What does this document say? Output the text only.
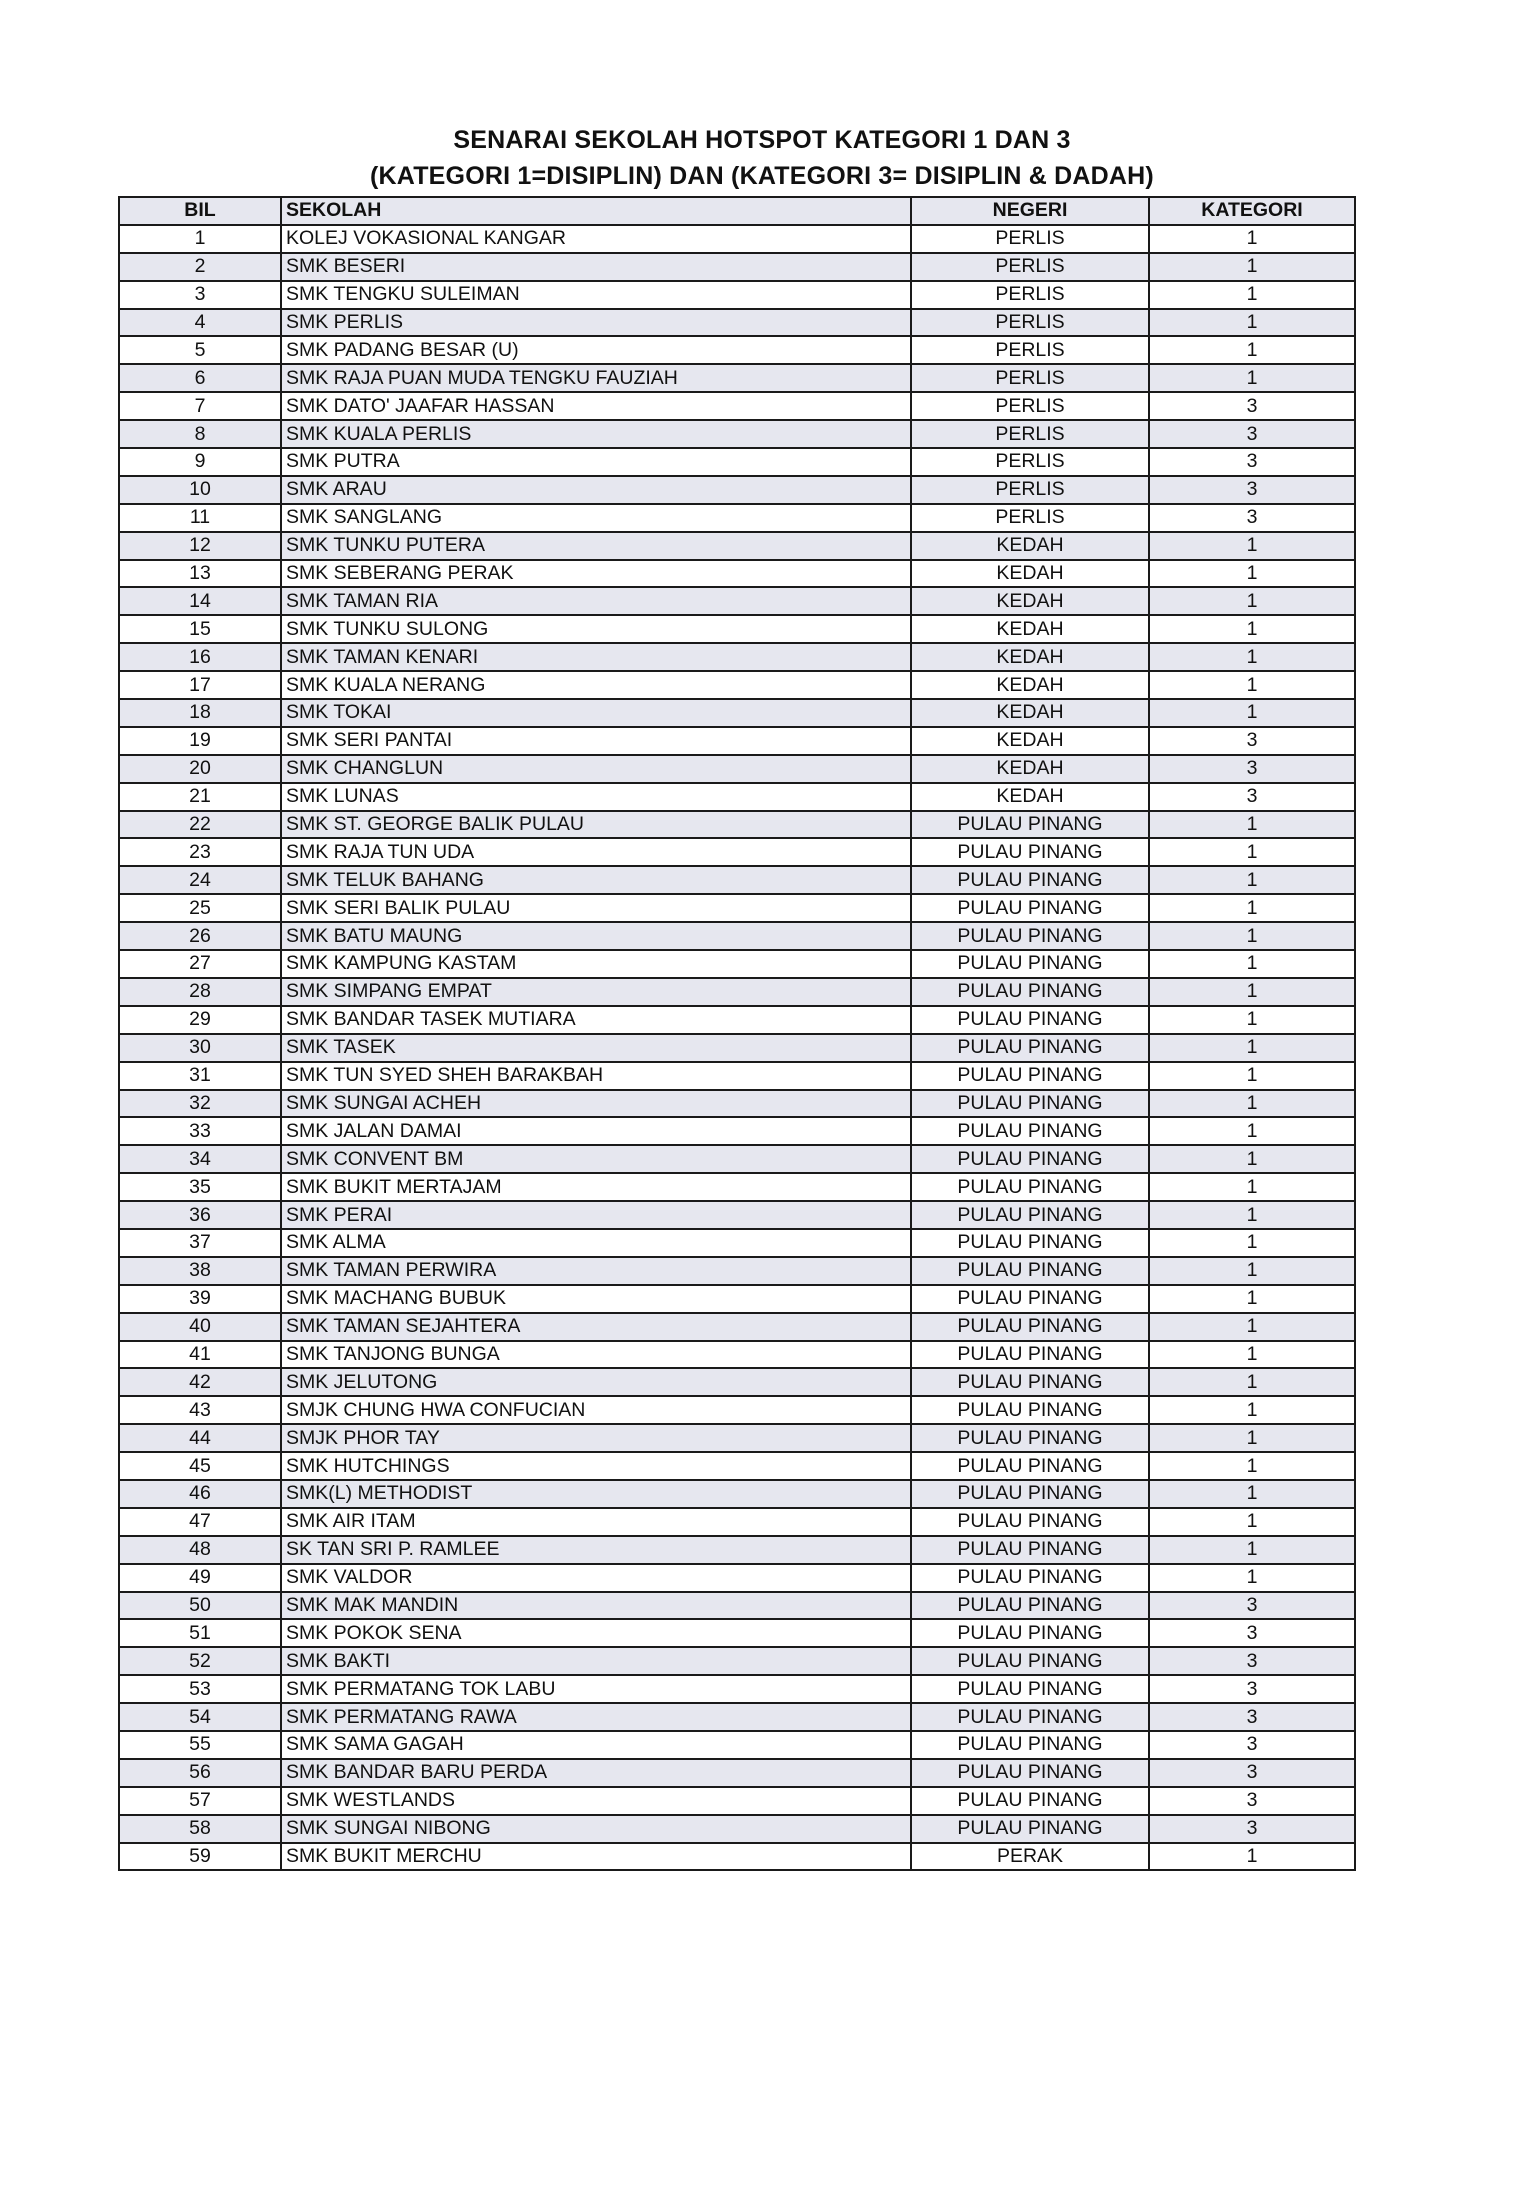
SENARAI SEKOLAH HOTSPOT KATEGORI 1 DAN 3
(KATEGORI 1=DISIPLIN) DAN (KATEGORI 3= DISIPLIN & DADAH)
BIL	SEKOLAH	NEGERI	KATEGORI
1	KOLEJ VOKASIONAL KANGAR	PERLIS	1
2	SMK BESERI	PERLIS	1
3	SMK TENGKU SULEIMAN	PERLIS	1
4	SMK PERLIS	PERLIS	1
5	SMK PADANG BESAR (U)	PERLIS	1
6	SMK RAJA PUAN MUDA TENGKU FAUZIAH	PERLIS	1
7	SMK DATO' JAAFAR HASSAN	PERLIS	3
8	SMK KUALA PERLIS	PERLIS	3
9	SMK PUTRA	PERLIS	3
10	SMK ARAU	PERLIS	3
11	SMK SANGLANG	PERLIS	3
12	SMK TUNKU PUTERA	KEDAH	1
13	SMK SEBERANG PERAK	KEDAH	1
14	SMK TAMAN RIA	KEDAH	1
15	SMK TUNKU SULONG	KEDAH	1
16	SMK TAMAN KENARI	KEDAH	1
17	SMK KUALA NERANG	KEDAH	1
18	SMK TOKAI	KEDAH	1
19	SMK SERI PANTAI	KEDAH	3
20	SMK CHANGLUN	KEDAH	3
21	SMK LUNAS	KEDAH	3
22	SMK ST. GEORGE BALIK PULAU	PULAU PINANG	1
23	SMK RAJA TUN UDA	PULAU PINANG	1
24	SMK TELUK BAHANG	PULAU PINANG	1
25	SMK SERI BALIK PULAU	PULAU PINANG	1
26	SMK BATU MAUNG	PULAU PINANG	1
27	SMK KAMPUNG KASTAM	PULAU PINANG	1
28	SMK SIMPANG EMPAT	PULAU PINANG	1
29	SMK BANDAR TASEK MUTIARA	PULAU PINANG	1
30	SMK TASEK	PULAU PINANG	1
31	SMK TUN SYED SHEH BARAKBAH	PULAU PINANG	1
32	SMK SUNGAI ACHEH	PULAU PINANG	1
33	SMK JALAN DAMAI	PULAU PINANG	1
34	SMK CONVENT BM	PULAU PINANG	1
35	SMK BUKIT MERTAJAM	PULAU PINANG	1
36	SMK PERAI	PULAU PINANG	1
37	SMK ALMA	PULAU PINANG	1
38	SMK TAMAN PERWIRA	PULAU PINANG	1
39	SMK MACHANG BUBUK	PULAU PINANG	1
40	SMK TAMAN SEJAHTERA	PULAU PINANG	1
41	SMK TANJONG BUNGA	PULAU PINANG	1
42	SMK JELUTONG	PULAU PINANG	1
43	SMJK CHUNG HWA CONFUCIAN	PULAU PINANG	1
44	SMJK PHOR TAY	PULAU PINANG	1
45	SMK HUTCHINGS	PULAU PINANG	1
46	SMK(L) METHODIST	PULAU PINANG	1
47	SMK AIR ITAM	PULAU PINANG	1
48	SK TAN SRI P. RAMLEE	PULAU PINANG	1
49	SMK VALDOR	PULAU PINANG	1
50	SMK MAK MANDIN	PULAU PINANG	3
51	SMK POKOK SENA	PULAU PINANG	3
52	SMK BAKTI	PULAU PINANG	3
53	SMK PERMATANG TOK LABU	PULAU PINANG	3
54	SMK PERMATANG RAWA	PULAU PINANG	3
55	SMK SAMA GAGAH	PULAU PINANG	3
56	SMK BANDAR BARU PERDA	PULAU PINANG	3
57	SMK WESTLANDS	PULAU PINANG	3
58	SMK SUNGAI NIBONG	PULAU PINANG	3
59	SMK BUKIT MERCHU	PERAK	1
